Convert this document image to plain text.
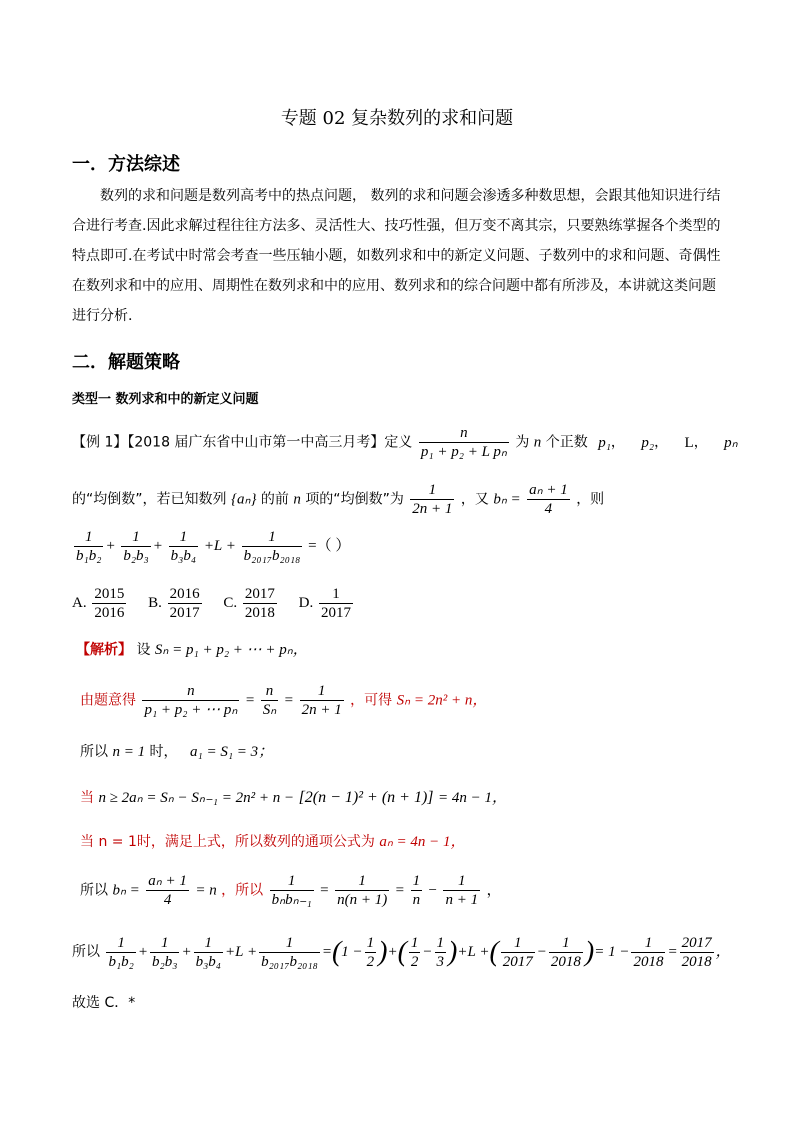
专题 02 复杂数列的求和问题
一．方法综述
数列的求和问题是数列高考中的热点问题， 数列的求和问题会渗透多种数思想，会跟其他知识进行结合进行考查.因此求解过程往往方法多、灵活性大、技巧性强，但万变不离其宗，只要熟练掌握各个类型的特点即可.在考试中时常会考查一些压轴小题，如数列求和中的新定义问题、子数列中的求和问题、奇偶性在数列求和中的应用、周期性在数列求和中的应用、数列求和的综合问题中都有所涉及，本讲就这类问题进行分析.
二．解题策略
类型一 数列求和中的新定义问题
【例 1】【2018 届广东省中山市第一中高三月考】定义 $\frac{n}{\text{p₁ + p₂ + L pₙ}}$ 为 n 个正数 p₁， p₂， L， pₙ
的“均倒数”，若已知数列 {aₙ} 的前 n 项的“均倒数”为 $\frac{1}{2n + 1}$ ，又 $b_n = \frac{\text{aₙ + 1}}{4}$ ，则
$\frac{1}{\text{b₁b₂}} + \frac{1}{\text{b₂b₃}} + \frac{1}{\text{b₃b₄}} +L + \frac{1}{\text{b₂₀₁₇b₂₀₁₈}}$ =（ ）
A. $\frac{2015}{2016} B$. $\frac{2016}{2017} C$. $\frac{2017}{2018} D$. $\frac{1}{2017}$
【解析】 设 Sₙ = p₁ + p₂ + ⋯ + pₙ，
由题意得 $\frac{n}{\text{p₁ + p₂ + ⋯ pₙ}} = \frac{n}{\text{Sₙ}} = \frac{1}{2n + 1}$ ，可得 Sₙ = 2n² + n，
所以 n = 1 时， a₁ = S₁ = 3；
当 n ≥ 2aₙ = Sₙ − Sₙ₋₁ = 2n² + n − [2(n − 1)² + (n + 1)] = 4n − 1，
当 n = 1时，满足上式，所以数列的通项公式为 aₙ = 4n − 1，
所以 $b_n = \frac{\text{aₙ + 1}}{4} = n$ ，所以 $\frac{1}{\text{bₙbₙ₋₁}} = \frac{1}{n(n + 1)} = \frac{1}{n} - \frac{1}{n + 1}$ ，
所以 $\frac{1}{\text{b₁b₂}} + \frac{1}{\text{b₂b₃}} + \frac{1}{\text{b₃b₄}} +L + \frac{1}{\text{b₂₀₁₇b₂₀₁₈}} =(1 - \frac{1}{2}$ )+( $\frac{1}{2} - \frac{1}{3} )+L$ +( $\frac{1}{2017} - \frac{1}{2018}$ )= $1 - \frac{1}{2018} = \frac{2017}{2018}$ ，
故选 C．*
